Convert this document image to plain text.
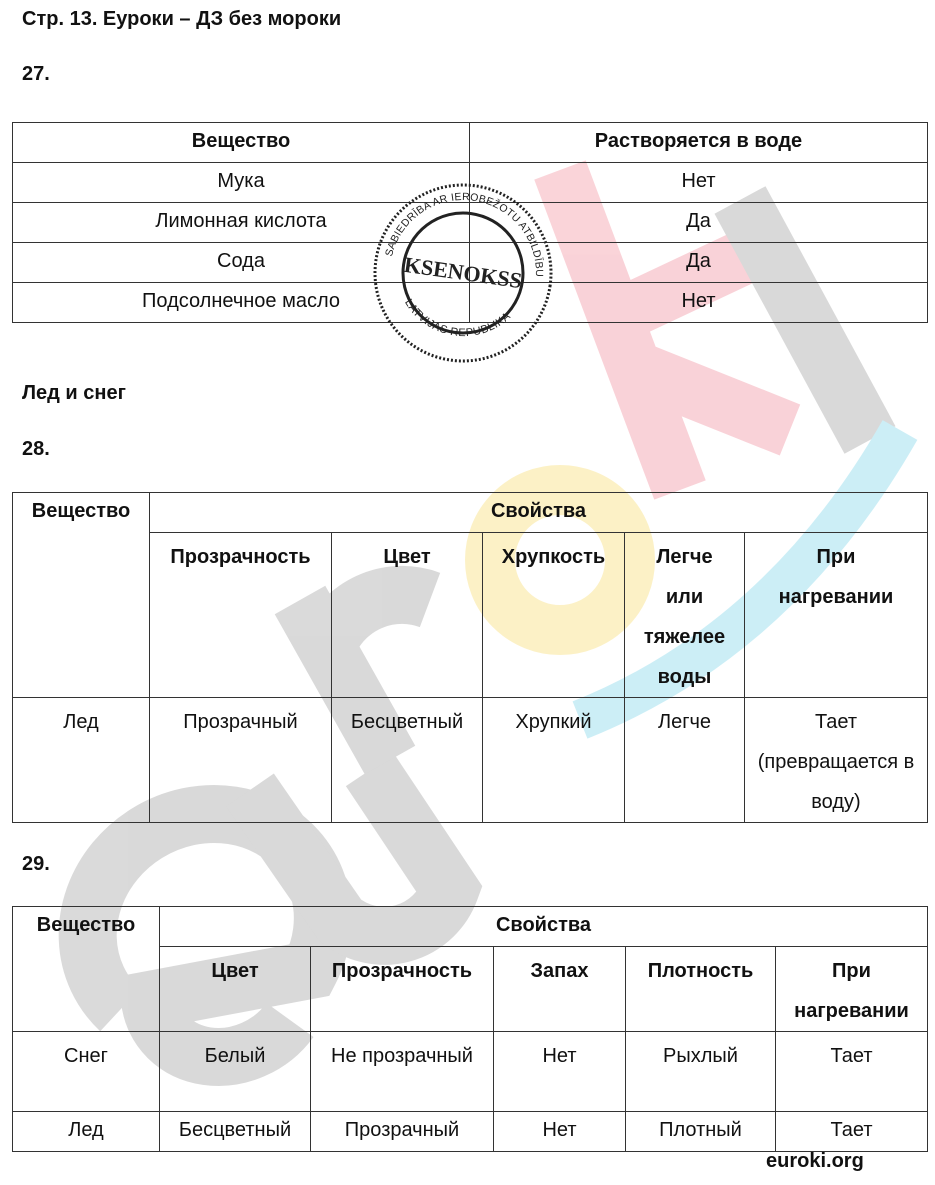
Стр. 13. Еуроки – ДЗ без мороки
27.
Вещество	Растворяется в воде
Мука	Нет
Лимонная кислота	Да
Сода	Да
Подсолнечное масло	Нет
SABIEDRĪBA AR IEROBEŽOTU ATBILDĪBU
LATVIJAS REPUBLIKA
KSENOKSS
Лед и снег
28.
Вещество	Свойства				
	Прозрачность	Цвет	Хрупкость	Легче или тяжелее воды	При нагревании
Лед	Прозрачный	Бесцветный	Хрупкий	Легче	Тает (превращается в воду)
29.
Вещество	Свойства				
	Цвет	Прозрачность	Запах	Плотность	При нагревании
Снег	Белый	Не прозрачный	Нет	Рыхлый	Тает
Лед	Бесцветный	Прозрачный	Нет	Плотный	Тает
euroki.org
